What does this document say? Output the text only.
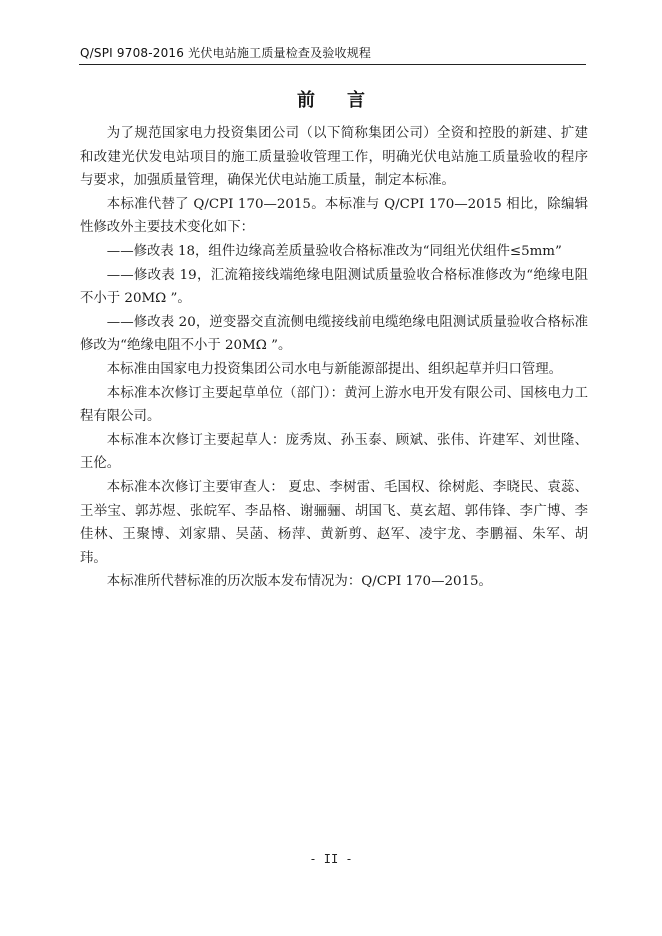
Q/SPI 9708-2016 光伏电站施工质量检查及验收规程
前言

为了规范国家电力投资集团公司（以下简称集团公司）全资和控股的新建、扩建和改建光伏发电站项目的施工质量验收管理工作，明确光伏电站施工质量验收的程序与要求，加强质量管理，确保光伏电站施工质量，制定本标准。

本标准代替了 Q/CPI 170—2015。本标准与 Q/CPI 170—2015 相比，除编辑性修改外主要技术变化如下：

——修改表 18，组件边缘高差质量验收合格标准改为“同组光伏组件≤5mm”

——修改表 19，汇流箱接线端绝缘电阻测试质量验收合格标准修改为“绝缘电阻不小于 20MΩ ”。

——修改表 20，逆变器交直流侧电缆接线前电缆绝缘电阻测试质量验收合格标准修改为“绝缘电阻不小于 20MΩ ”。

本标准由国家电力投资集团公司水电与新能源部提出、组织起草并归口管理。

本标准本次修订主要起草单位（部门）：黄河上游水电开发有限公司、国核电力工程有限公司。

本标准本次修订主要起草人：庞秀岚、孙玉泰、顾斌、张伟、许建军、刘世隆、王伦。

本标准本次修订主要审查人： 夏忠、李树雷、毛国权、徐树彪、李晓民、袁蕊、王举宝、郭苏煜、张皖军、李品格、谢骊骊、胡国飞、莫玄超、郭伟锋、李广博、李佳林、王聚博、刘家鼎、吴菡、杨萍、黄新剪、赵军、凌宇龙、李鹏福、朱军、胡玮。

本标准所代替标准的历次版本发布情况为：Q/CPI 170—2015。

- II -
